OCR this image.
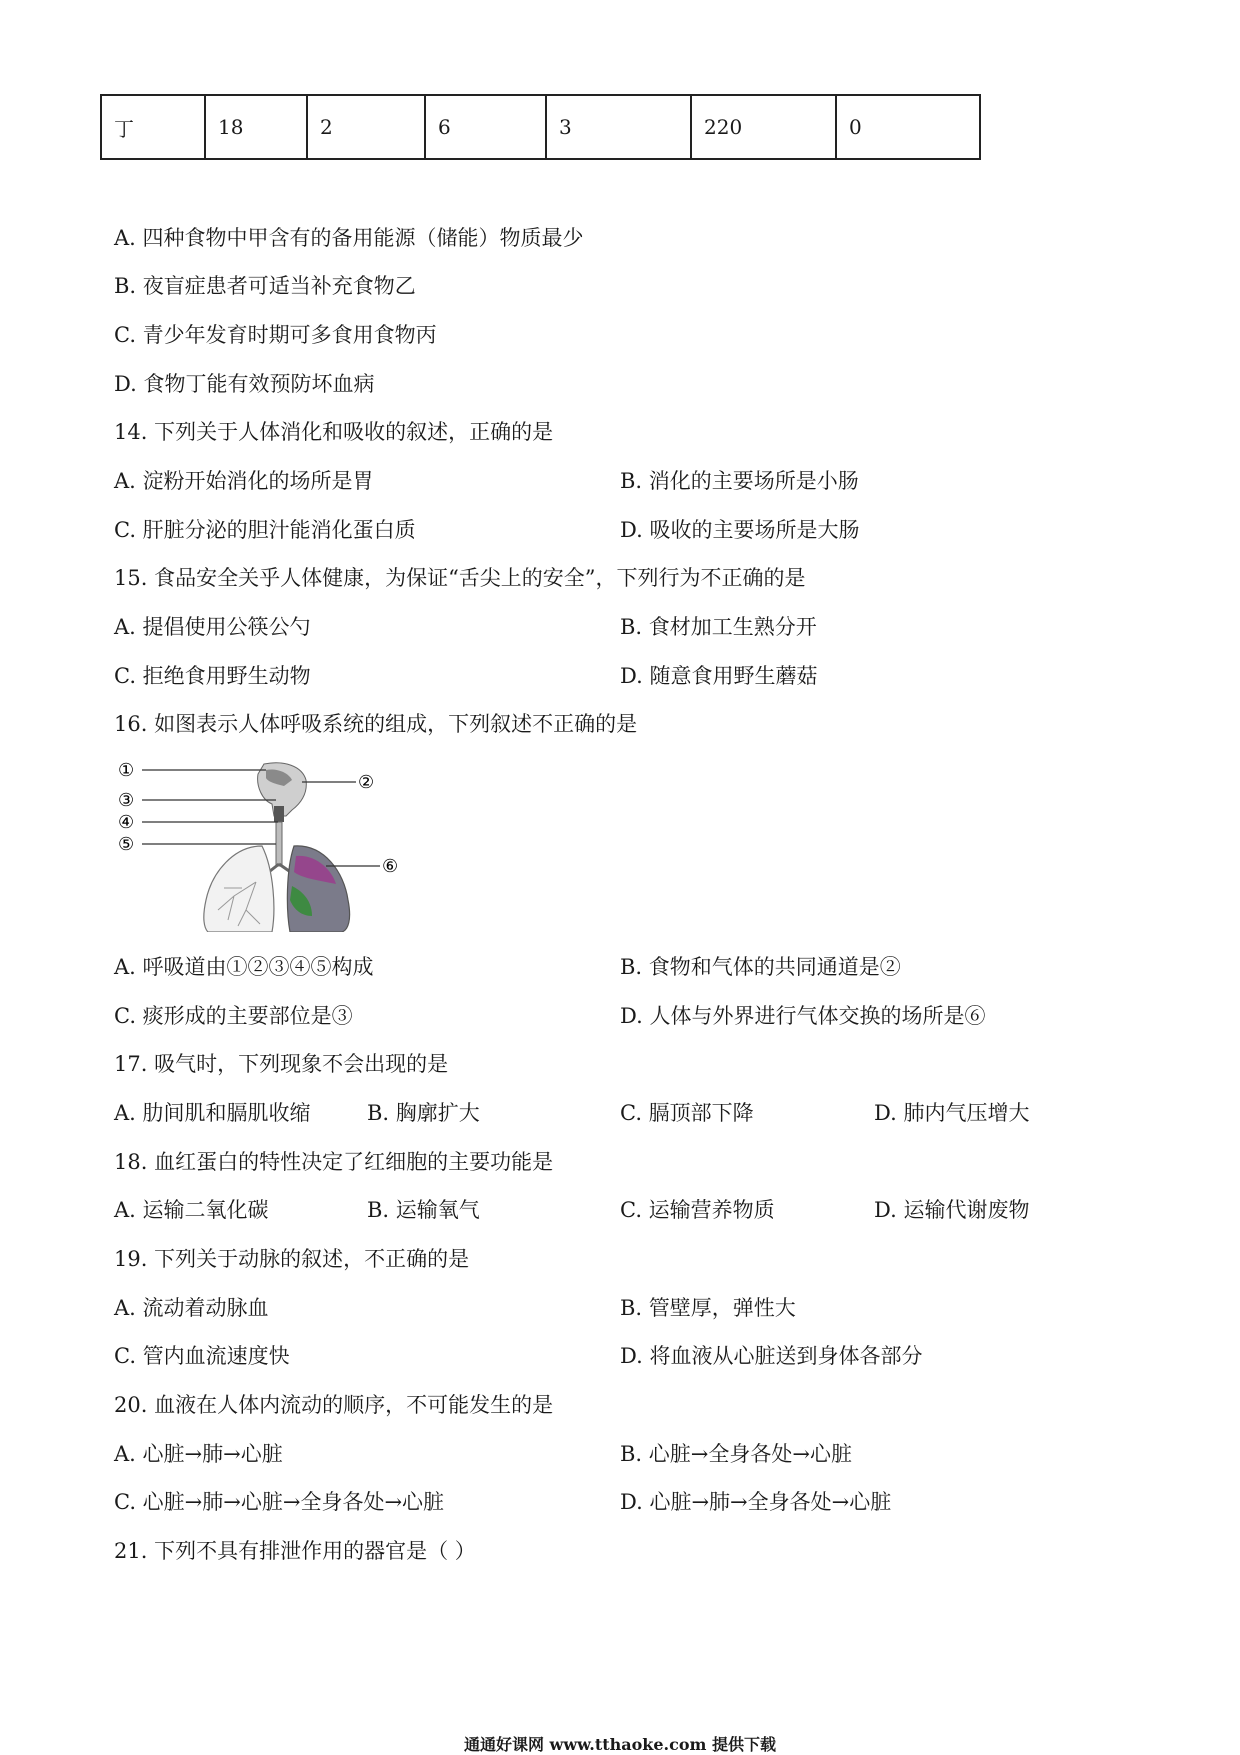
丁	18	2	6	3	220	0
A. 四种食物中甲含有的备用能源（储能）物质最少
B. 夜盲症患者可适当补充食物乙
C. 青少年发育时期可多食用食物丙
D. 食物丁能有效预防坏血病
14. 下列关于人体消化和吸收的叙述，正确的是
A. 淀粉开始消化的场所是胃	B. 消化的主要场所是小肠
C. 肝脏分泌的胆汁能消化蛋白质	D. 吸收的主要场所是大肠
15. 食品安全关乎人体健康，为保证“舌尖上的安全”，下列行为不正确的是
A. 提倡使用公筷公勺	B. 食材加工生熟分开
C. 拒绝食用野生动物	D. 随意食用野生蘑菇
16. 如图表示人体呼吸系统的组成，下列叙述不正确的是
①
②
③
④
⑤
⑥
A. 呼吸道由①②③④⑤构成	B. 食物和气体的共同通道是②
C. 痰形成的主要部位是③	D. 人体与外界进行气体交换的场所是⑥
17. 吸气时，下列现象不会出现的是
A. 肋间肌和膈肌收缩	B. 胸廓扩大	C. 膈顶部下降	D. 肺内气压增大
18. 血红蛋白的特性决定了红细胞的主要功能是
A. 运输二氧化碳	B. 运输氧气	C. 运输营养物质	D. 运输代谢废物
19. 下列关于动脉的叙述，不正确的是
A. 流动着动脉血	B. 管壁厚，弹性大
C. 管内血流速度快	D. 将血液从心脏送到身体各部分
20. 血液在人体内流动的顺序，不可能发生的是
A. 心脏→肺→心脏	B. 心脏→全身各处→心脏
C. 心脏→肺→心脏→全身各处→心脏	D. 心脏→肺→全身各处→心脏
21. 下列不具有排泄作用的器官是（ ）
通通好课网 www.tthaoke.com 提供下载
